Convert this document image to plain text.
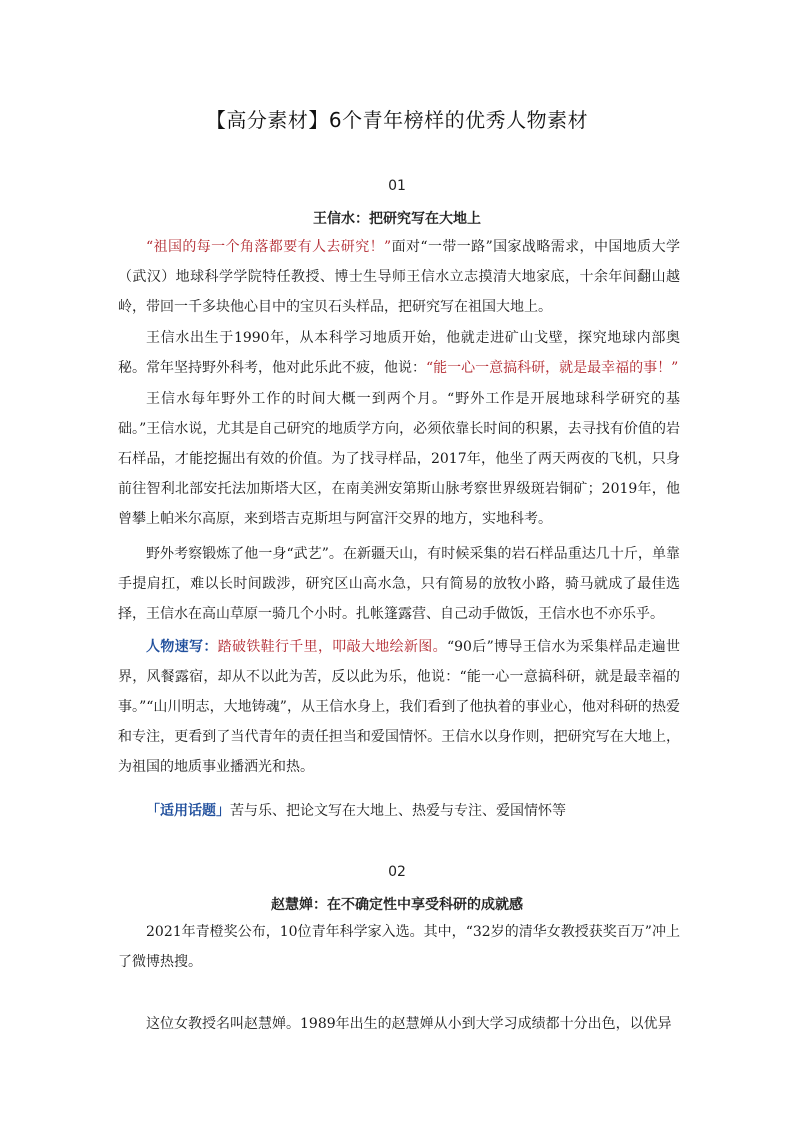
【高分素材】6个青年榜样的优秀人物素材
01
王信水：把研究写在大地上
“祖国的每一个角落都要有人去研究！”面对“一带一路”国家战略需求，中国地质大学（武汉）地球科学学院特任教授、博士生导师王信水立志摸清大地家底，十余年间翻山越岭，带回一千多块他心目中的宝贝石头样品，把研究写在祖国大地上。
王信水出生于1990年，从本科学习地质开始，他就走进矿山戈壁，探究地球内部奥秘。常年坚持野外科考，他对此乐此不疲，他说：“能一心一意搞科研，就是最幸福的事！”
王信水每年野外工作的时间大概一到两个月。“野外工作是开展地球科学研究的基础。”王信水说，尤其是自己研究的地质学方向，必须依靠长时间的积累，去寻找有价值的岩石样品，才能挖掘出有效的价值。为了找寻样品，2017年，他坐了两天两夜的飞机，只身前往智利北部安托法加斯塔大区，在南美洲安第斯山脉考察世界级斑岩铜矿；2019年，他曾攀上帕米尔高原，来到塔吉克斯坦与阿富汗交界的地方，实地科考。
野外考察锻炼了他一身“武艺”。在新疆天山，有时候采集的岩石样品重达几十斤，单靠手提肩扛，难以长时间跋涉，研究区山高水急，只有简易的放牧小路，骑马就成了最佳选择，王信水在高山草原一骑几个小时。扎帐篷露营、自己动手做饭，王信水也不亦乐乎。
人物速写：踏破铁鞋行千里，叩敲大地绘新图。“90后”博导王信水为采集样品走遍世界，风餐露宿，却从不以此为苦，反以此为乐，他说：“能一心一意搞科研，就是最幸福的事。”“山川明志，大地铸魂”，从王信水身上，我们看到了他执着的事业心，他对科研的热爱和专注，更看到了当代青年的责任担当和爱国情怀。王信水以身作则，把研究写在大地上，为祖国的地质事业播洒光和热。
「适用话题」苦与乐、把论文写在大地上、热爱与专注、爱国情怀等
02
赵慧婵：在不确定性中享受科研的成就感
2021年青橙奖公布，10位青年科学家入选。其中，“32岁的清华女教授获奖百万”冲上了微博热搜。
这位女教授名叫赵慧婵。1989年出生的赵慧婵从小到大学习成绩都十分出色，以优异
